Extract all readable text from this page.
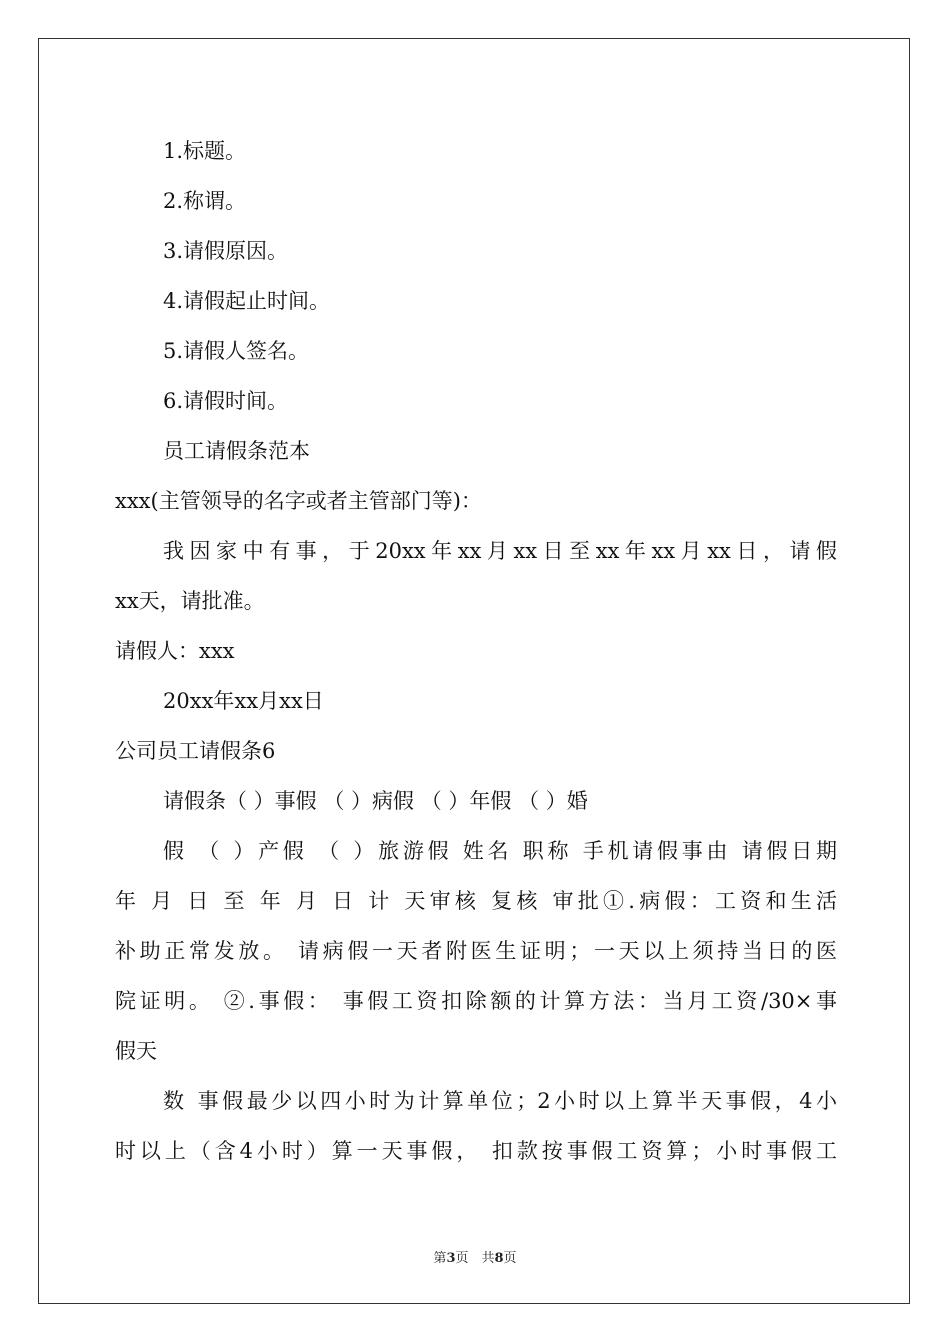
1.标题。
2.称谓。
3.请假原因。
4.请假起止时间。
5.请假人签名。
6.请假时间。
员工请假条范本
xxx(主管领导的名字或者主管部门等)：
我因家中有事，于20xx年xx月xx日至xx年xx月xx日，请假
xx天，请批准。
请假人：xxx
20xx年xx月xx日
公司员工请假条6
请假条（ ）事假 （ ）病假 （ ）年假 （ ）婚
假 （ ）产假 （ ）旅游假 姓名 职称 手机请假事由 请假日期
年 月 日 至 年 月 日 计 天审核 复核 审批①.病假：工资和生活
补助正常发放。 请病假一天者附医生证明；一天以上须持当日的医
院证明。 ②.事假： 事假工资扣除额的计算方法：当月工资/30×事
假天
数 事假最少以四小时为计算单位；2小时以上算半天事假，4小
时以上（含4小时）算一天事假， 扣款按事假工资算；小时事假工
第3页　共8页
